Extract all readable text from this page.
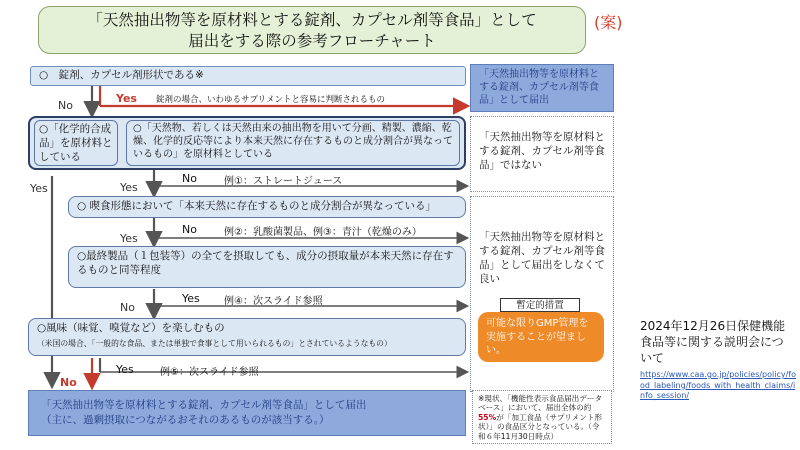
「天然抽出物等を原材料とする錠剤、カプセル剤等食品」として
届出をする際の参考フローチャート
(案)
○　錠剤、カプセル剤形状である※
No
Yes 錠剤の場合、いわゆるサプリメントと容易に判断されるもの
「天然抽出物等を原材料とする錠剤、カプセル剤等食品」として届出
○「化学的合成品」を原材料としている
○「天然物、若しくは天然由来の抽出物を用いて分画、精製、濃縮、乾燥、化学的反応等により本来天然に存在するものと成分割合が異なっているもの」を原材料としている
「天然抽出物等を原材料とする錠剤、カプセル剤等食品」ではない
Yes	Yes
No	例①：ストレートジュース
○ 喫食形態において「本来天然に存在するものと成分割合が異なっている」
Yes
No	例②：乳酸菌製品、例③：青汁（乾燥のみ）
○最終製品（１包装等）の全てを摂取しても、成分の摂取量が本来天然に存在するものと同等程度
「天然抽出物等を原材料とする錠剤、カプセル剤等食品」として届出をしなくて良い
暫定的措置
可能な限りGMP管理を実施することが望ましい。
No
Yes 例④：次スライド参照
○風味（味覚、嗅覚など）を楽しむもの
（米国の場合、「一般的な食品、または単独で食事として用いられるもの」とされているようなもの）
No
Yes	例⑤：次スライド参照
「天然抽出物等を原材料とする錠剤、カプセル剤等食品」として届出
（主に、過剰摂取につながるおそれのあるものが該当する。）
※現状、「機能性表示食品届出データベース」において、届出全体の約55%が「加工食品（サプリメント形状）」の食品区分となっている。（令和６年11月30日時点）
2024年12月26日保健機能食品等に関する説明会について
https://www.caa.go.jp/policies/policy/food_labeling/foods_with_health_claims/info_session/
